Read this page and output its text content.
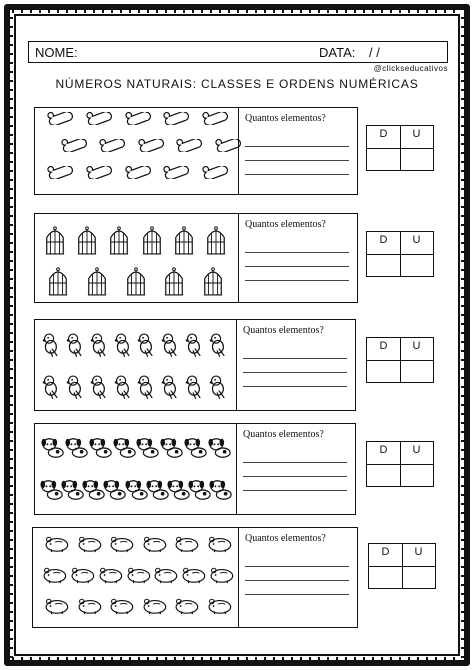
NOME:	DATA: / /
@clickseducativos
NÚMEROS NATURAIS: CLASSES E ORDENS NUMÉRICAS
Quantos elementos?
D	U
Quantos elementos?
D	U
Quantos elementos?
D	U
Quantos elementos?
D	U
Quantos elementos?
D	U
